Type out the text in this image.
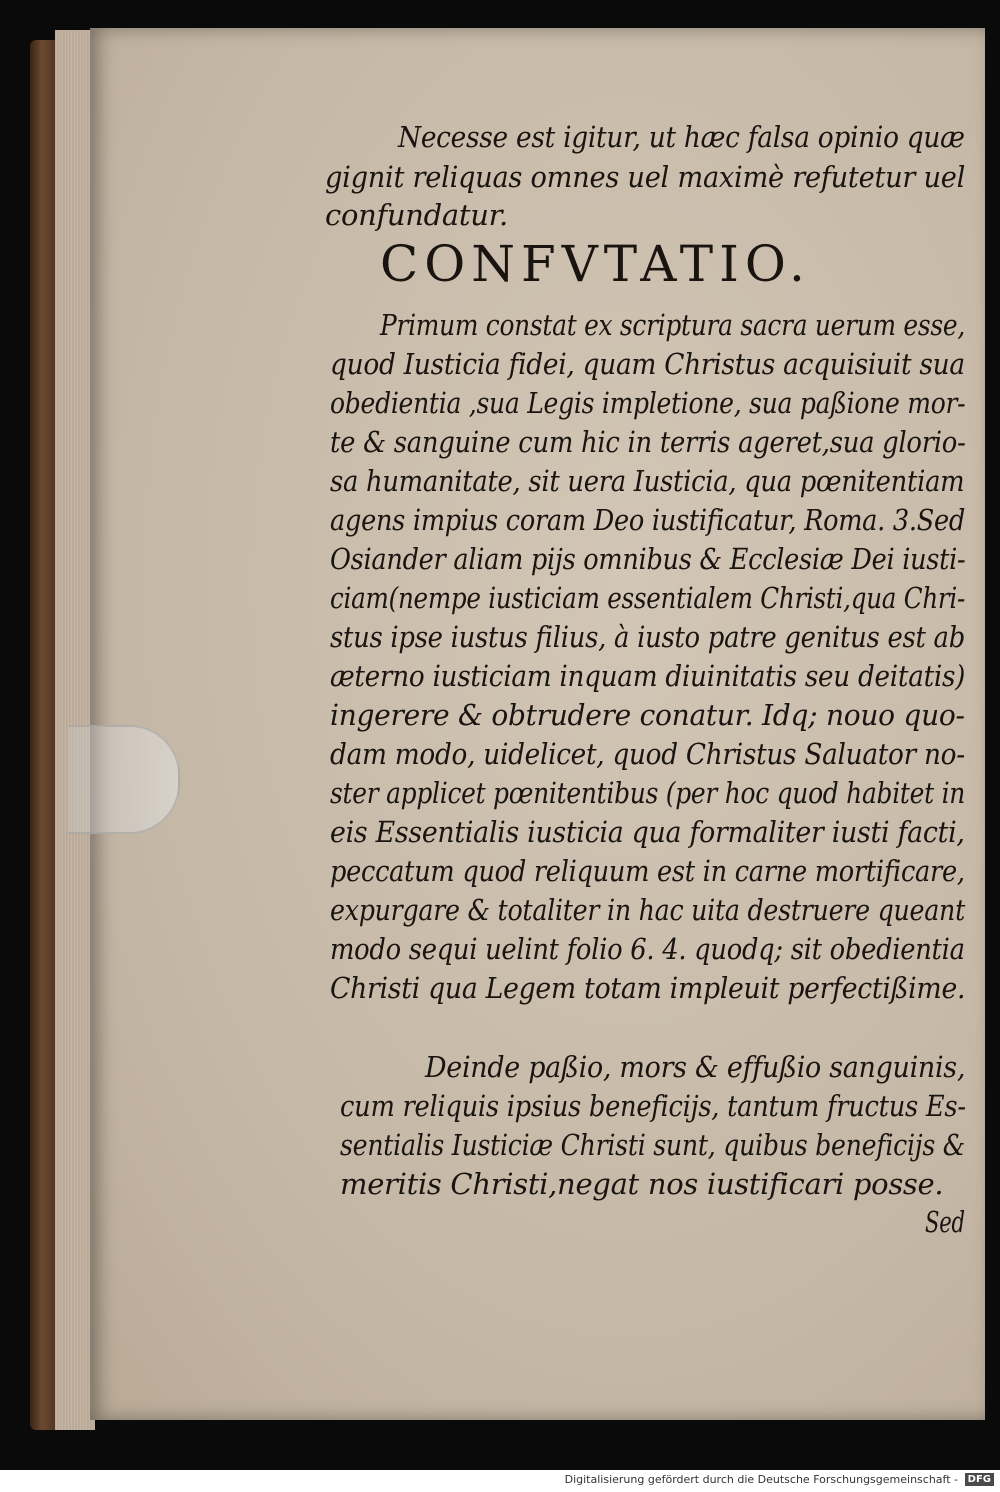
Necesse est igitur, ut hæc falsa opinio quæ
gignit reliquas omnes uel maximè refutetur uel
confundatur.
CONFVTATIO.
Primum constat ex scriptura sacra uerum esse,
quod Iusticia fidei, quam Christus acquisiuit sua
obedientia ,sua Legis impletione, sua paßione mor-
te & sanguine cum hic in terris ageret,sua glorio-
sa humanitate, sit uera Iusticia, qua pœnitentiam
agens impius coram Deo iustificatur, Roma. 3.Sed
Osiander aliam pijs omnibus & Ecclesiæ Dei iusti-
ciam(nempe iusticiam essentialem Christi,qua Chri-
stus ipse iustus filius, à iusto patre genitus est ab
æterno iusticiam inquam diuinitatis seu deitatis)
ingerere & obtrudere conatur. Idq; nouo quo-
dam modo, uidelicet, quod Christus Saluator no-
ster applicet pœnitentibus (per hoc quod habitet in
eis Essentialis iusticia qua formaliter iusti facti,
peccatum quod reliquum est in carne mortificare,
expurgare & totaliter in hac uita destruere queant
modo sequi uelint folio 6. 4. quodq; sit obedientia
Christi qua Legem totam impleuit perfectißime.
Deinde paßio, mors & effußio sanguinis,
cum reliquis ipsius beneficijs, tantum fructus Es-
sentialis Iusticiæ Christi sunt, quibus beneficijs &
meritis Christi,negat nos iustificari posse.
Sed
Digitalisierung gefördert durch die Deutsche Forschungsgemeinschaft - DFG
